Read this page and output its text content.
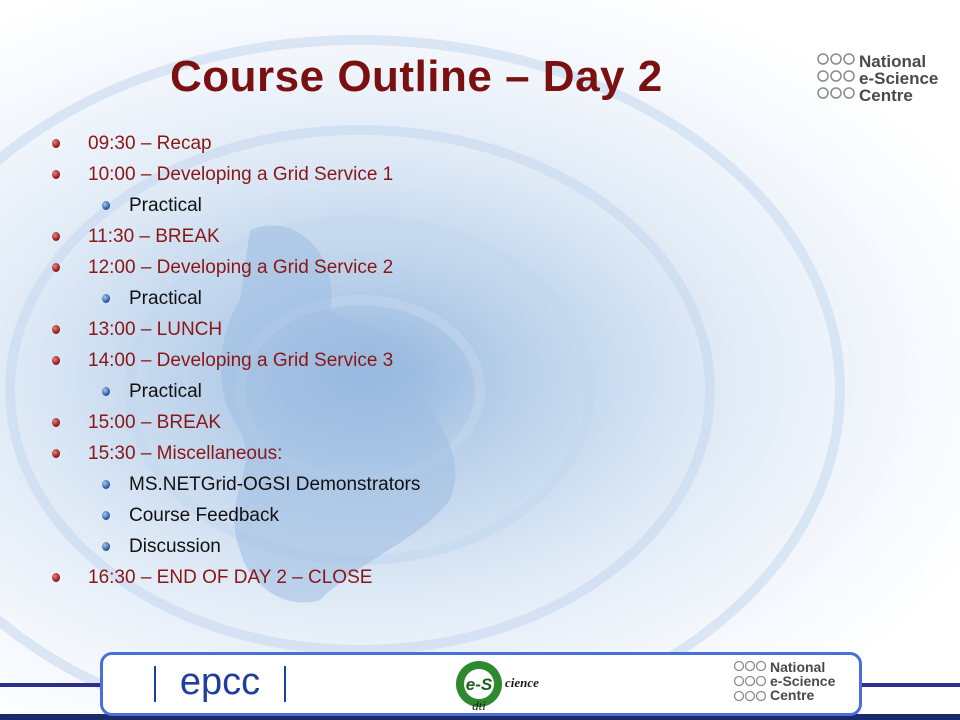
Course Outline – Day 2	National
e-Science
Centre
09:30 – Recap
10:00 – Developing a Grid Service 1
Practical
11:30 – BREAK
12:00 – Developing a Grid Service 2
Practical
13:00 – LUNCH
14:00 – Developing a Grid Service 3
Practical
15:00 – BREAK
15:30 – Miscellaneous:
MS.NETGrid-OGSI Demonstrators
Course Feedback
Discussion
16:30 – END OF DAY 2 – CLOSE
epcc	e-S cience
dti
National
e-Science
Centre
